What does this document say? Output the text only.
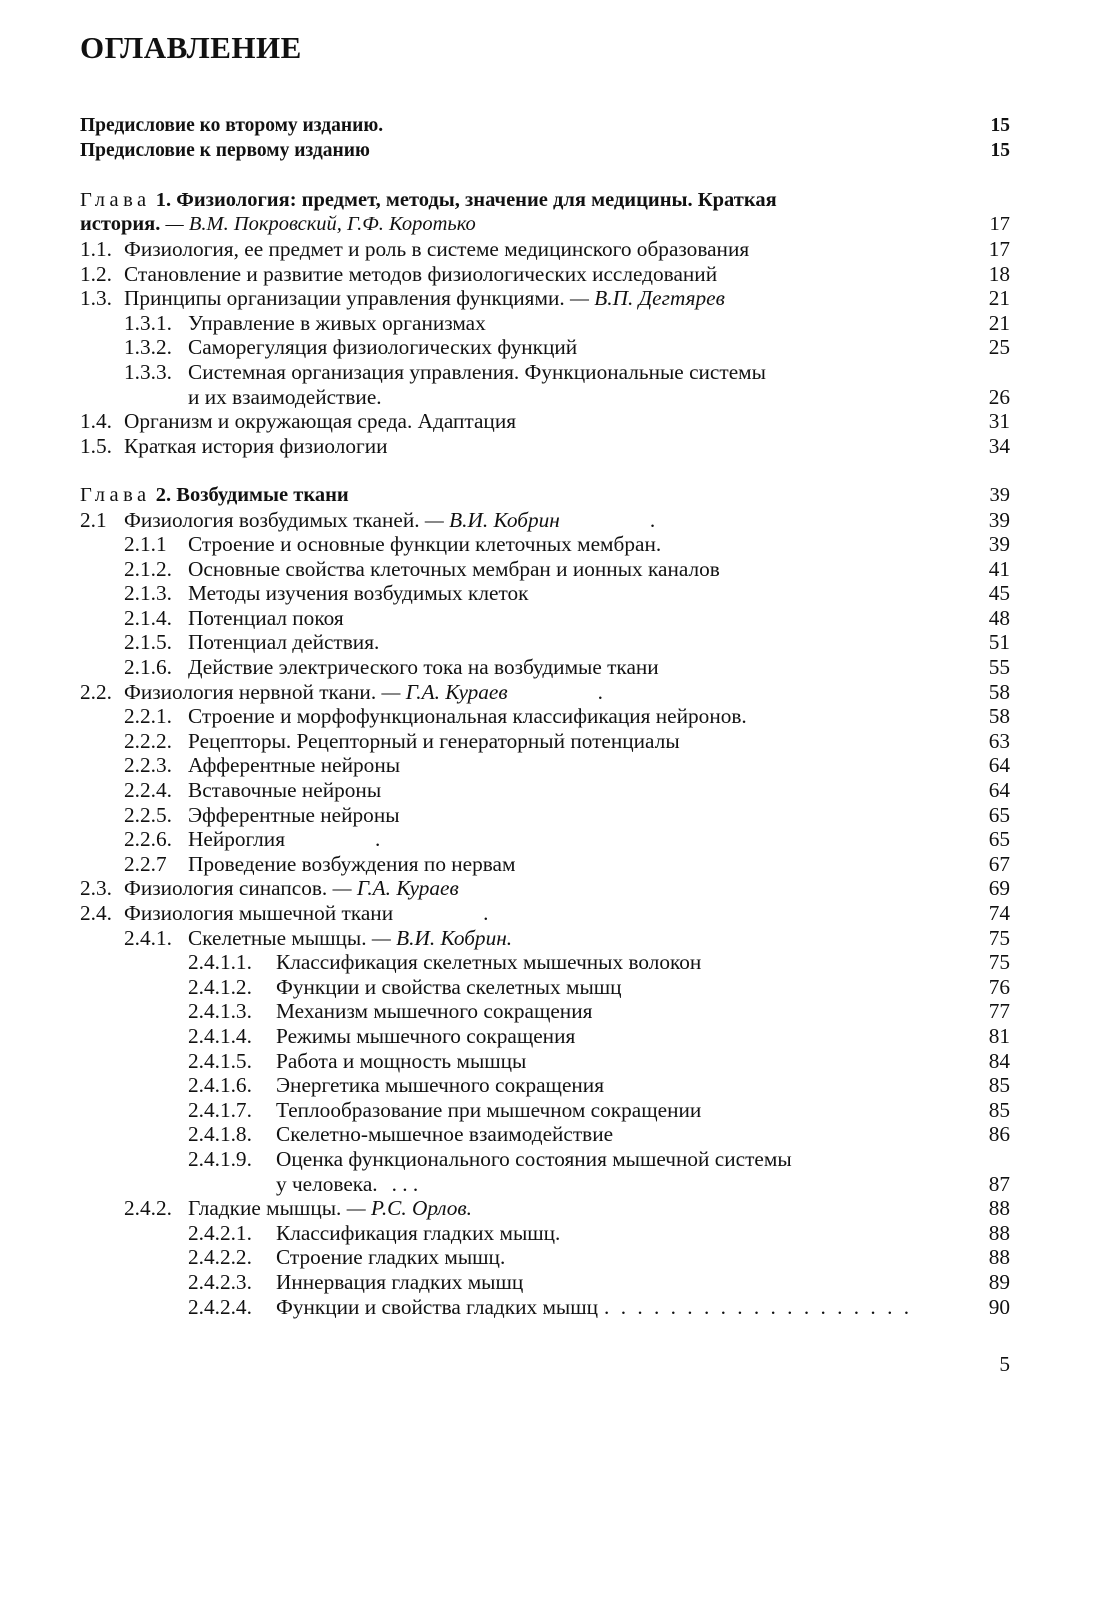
ОГЛАВЛЕНИЕ
Предисловие ко второму изданию.	15
Предисловие к первому изданию	15
Глава 1. Физиология: предмет, методы, значение для медицины. Краткая
история. — В.М. Покровский, Г.Ф. Коротько	17
1.1. Физиология, ее предмет и роль в системе медицинского образования	17
1.2. Становление и развитие методов физиологических исследований	18
1.3. Принципы организации управления функциями. — В.П. Дегтярев	21
1.3.1. Управление в живых организмах	21
1.3.2. Саморегуляция физиологических функций	25
1.3.3. Системная организация управления. Функциональные системы
и их взаимодействие.	26
1.4. Организм и окружающая среда. Адаптация	31
1.5. Краткая история физиологии	34
Глава 2. Возбудимые ткани	39
2.1 Физиология возбудимых тканей. — В.И. Кобрин	.	39
2.1.1 Строение и основные функции клеточных мембран.	39
2.1.2. Основные свойства клеточных мембран и ионных каналов	41
2.1.3. Методы изучения возбудимых клеток	45
2.1.4. Потенциал покоя	48
2.1.5. Потенциал действия.	51
2.1.6. Действие электрического тока на возбудимые ткани	55
2.2. Физиология нервной ткани. — Г.А. Кураев	.	58
2.2.1. Строение и морфофункциональная классификация нейронов.	58
2.2.2. Рецепторы. Рецепторный и генераторный потенциалы	63
2.2.3. Афферентные нейроны	64
2.2.4. Вставочные нейроны	64
2.2.5. Эфферентные нейроны	65
2.2.6. Нейроглия	.	65
2.2.7 Проведение возбуждения по нервам	67
2.3. Физиология синапсов. — Г.А. Кураев	69
2.4. Физиология мышечной ткани	.	74
2.4.1. Скелетные мышцы. — В.И. Кобрин.	75
2.4.1.1. Классификация скелетных мышечных волокон	75
2.4.1.2. Функции и свойства скелетных мышц	76
2.4.1.3. Механизм мышечного сокращения	77
2.4.1.4. Режимы мышечного сокращения	81
2.4.1.5. Работа и мощность мышцы	84
2.4.1.6. Энергетика мышечного сокращения	85
2.4.1.7. Теплообразование при мышечном сокращении	85
2.4.1.8. Скелетно-мышечное взаимодействие	86
2.4.1.9. Оценка функционального состояния мышечной системы
у человека. . . .	87
2.4.2. Гладкие мышцы. — Р.С. Орлов.	88
2.4.2.1. Классификация гладких мышц.	88
2.4.2.2. Строение гладких мышц.	88
2.4.2.3. Иннервация гладких мышц	89
2.4.2.4. Функции и свойства гладких мышц . . . . . . . . . . . . . . . . . . .	90
5
